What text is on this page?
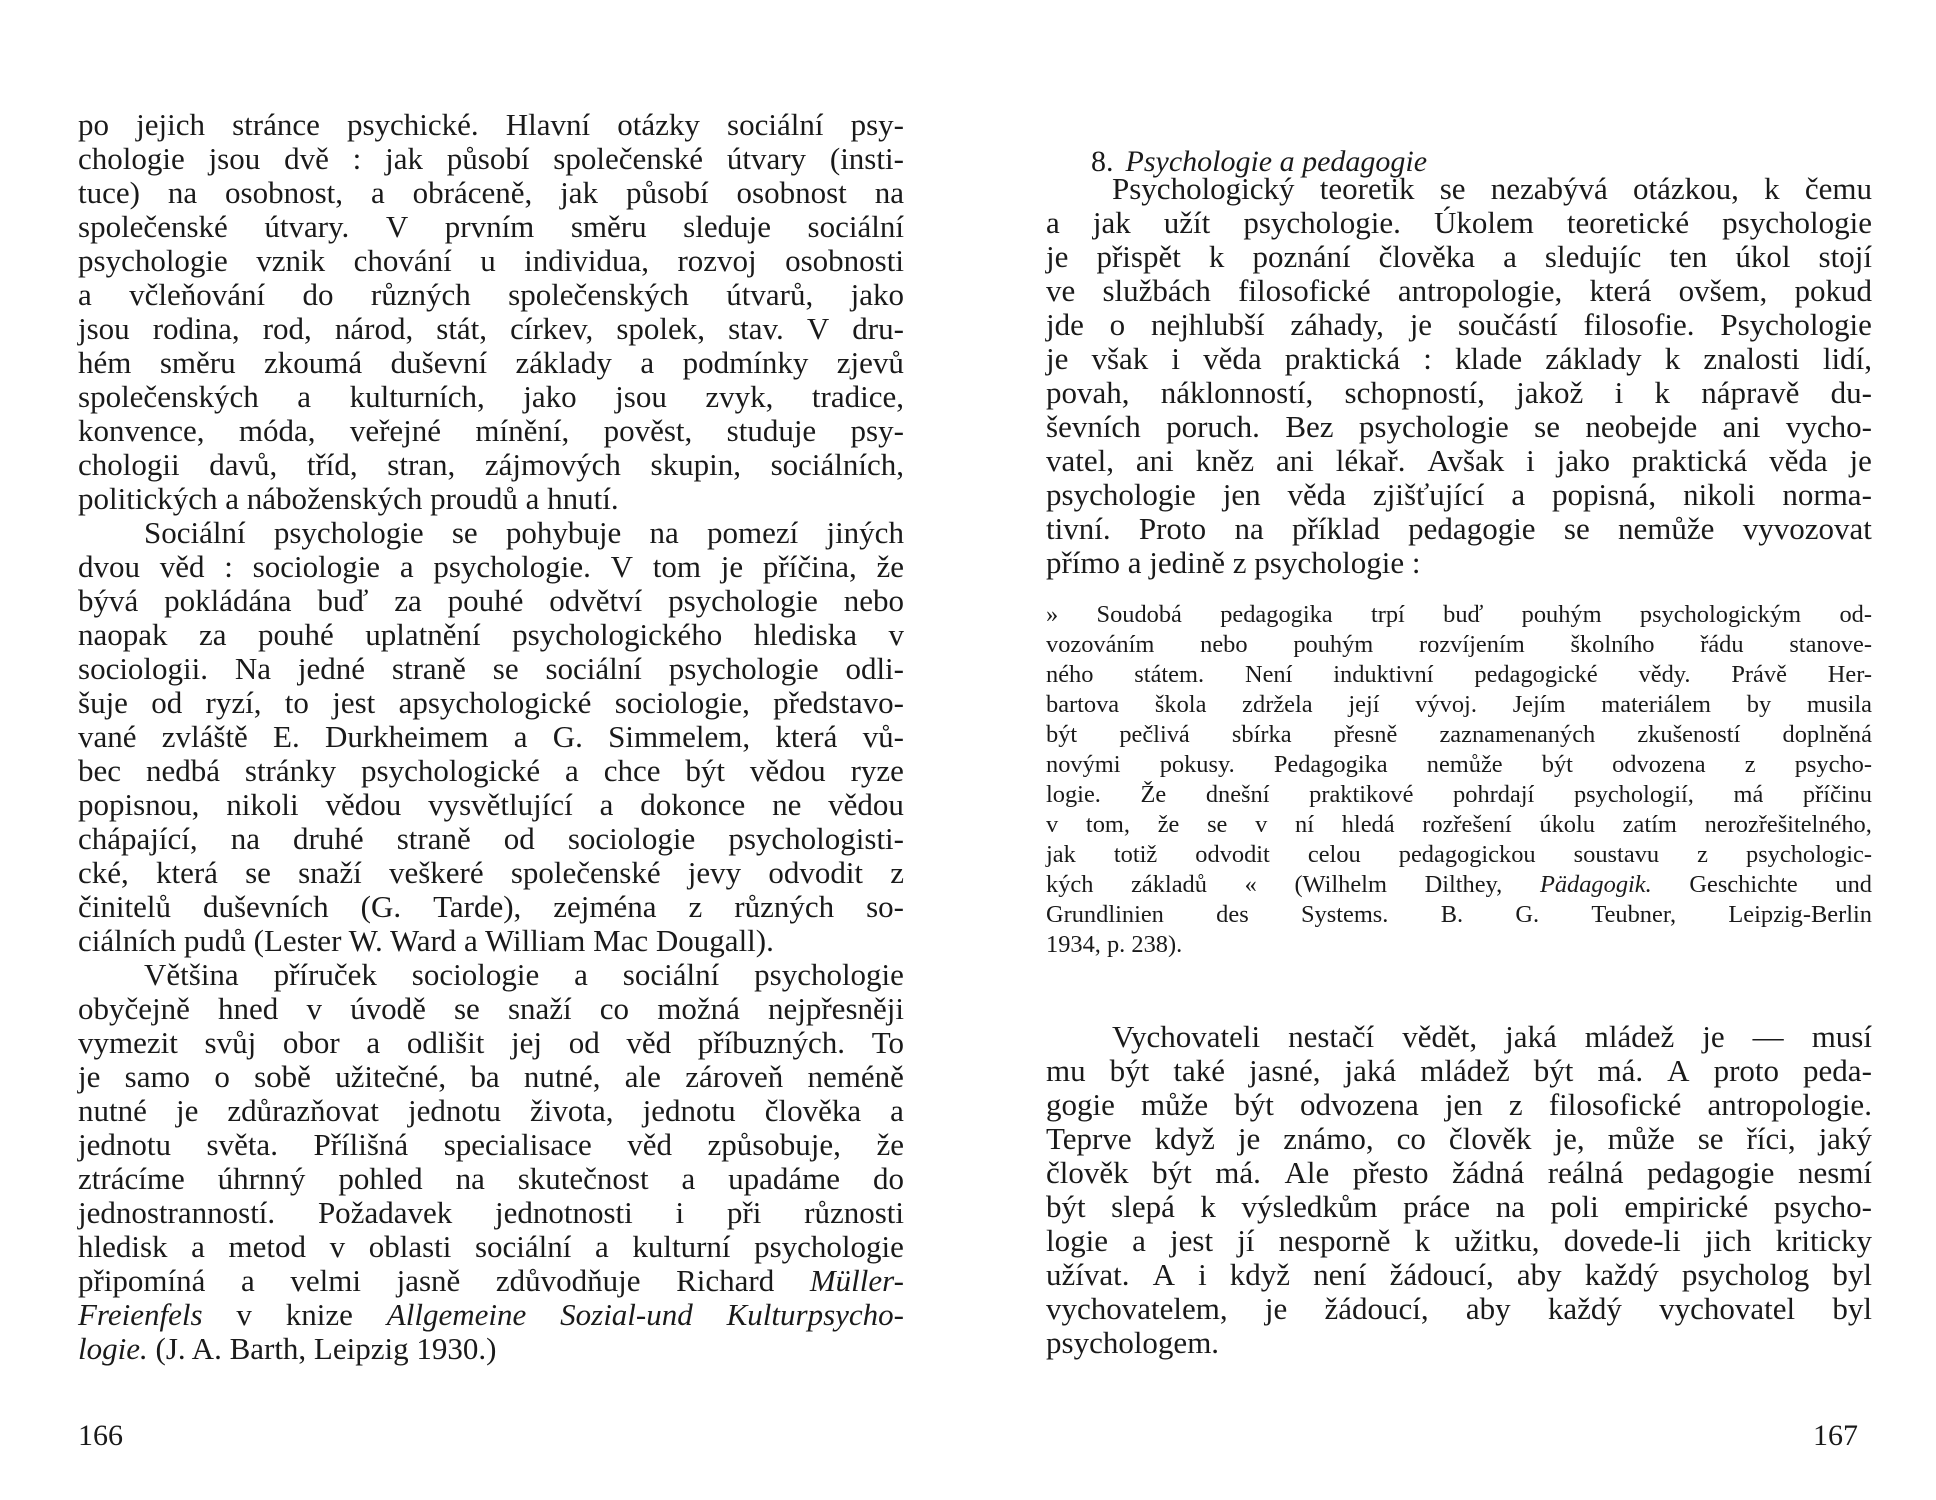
po jejich stránce psychické. Hlavní otázky sociální psy-
chologie jsou dvě : jak působí společenské útvary (insti-
tuce) na osobnost, a obráceně, jak působí osobnost na
společenské útvary. V prvním směru sleduje sociální
psychologie vznik chování u individua, rozvoj osobnosti
a včleňování do různých společenských útvarů, jako
jsou rodina, rod, národ, stát, církev, spolek, stav. V dru-
hém směru zkoumá duševní základy a podmínky zjevů
společenských a kulturních, jako jsou zvyk, tradice,
konvence, móda, veřejné mínění, pověst, studuje psy-
chologii davů, tříd, stran, zájmových skupin, sociálních,
politických a náboženských proudů a hnutí.
Sociální psychologie se pohybuje na pomezí jiných
dvou věd : sociologie a psychologie. V tom je příčina, že
bývá pokládána buď za pouhé odvětví psychologie nebo
naopak za pouhé uplatnění psychologického hlediska v
sociologii. Na jedné straně se sociální psychologie odli-
šuje od ryzí, to jest apsychologické sociologie, představo-
vané zvláště E. Durkheimem a G. Simmelem, která vů-
bec nedbá stránky psychologické a chce být vědou ryze
popisnou, nikoli vědou vysvětlující a dokonce ne vědou
chápající, na druhé straně od sociologie psychologisti-
cké, která se snaží veškeré společenské jevy odvodit z
činitelů duševních (G. Tarde), zejména z různých so-
ciálních pudů (Lester W. Ward a William Mac Dougall).
Většina příruček sociologie a sociální psychologie
obyčejně hned v úvodě se snaží co možná nejpřesněji
vymezit svůj obor a odlišit jej od věd příbuzných. To
je samo o sobě užitečné, ba nutné, ale zároveň neméně
nutné je zdůrazňovat jednotu života, jednotu člověka a
jednotu světa. Přílišná specialisace věd způsobuje, že
ztrácíme úhrnný pohled na skutečnost a upadáme do
jednostranností. Požadavek jednotnosti i při různosti
hledisk a metod v oblasti sociální a kulturní psychologie
připomíná a velmi jasně zdůvodňuje Richard Müller-
Freienfels v knize Allgemeine Sozial-und Kulturpsycho-
logie. (J. A. Barth, Leipzig 1930.)
166

8. Psychologie a pedagogie

Psychologický teoretik se nezabývá otázkou, k čemu
a jak užít psychologie. Úkolem teoretické psychologie
je přispět k poznání člověka a sledujíc ten úkol stojí
ve službách filosofické antropologie, která ovšem, pokud
jde o nejhlubší záhady, je součástí filosofie. Psychologie
je však i věda praktická : klade základy k znalosti lidí,
povah, náklonností, schopností, jakož i k nápravě du-
ševních poruch. Bez psychologie se neobejde ani vycho-
vatel, ani kněz ani lékař. Avšak i jako praktická věda je
psychologie jen věda zjišťující a popisná, nikoli norma-
tivní. Proto na příklad pedagogie se nemůže vyvozovat
přímo a jedině z psychologie :
» Soudobá pedagogika trpí buď pouhým psychologickým od-
vozováním nebo pouhým rozvíjením školního řádu stanove-
ného státem. Není induktivní pedagogické vědy. Právě Her-
bartova škola zdržela její vývoj. Jejím materiálem by musila
být pečlivá sbírka přesně zaznamenaných zkušeností doplněná
novými pokusy. Pedagogika nemůže být odvozena z psycho-
logie. Že dnešní praktikové pohrdají psychologií, má příčinu
v tom, že se v ní hledá rozřešení úkolu zatím nerozřešitelného,
jak totiž odvodit celou pedagogickou soustavu z psychologic-
kých základů « (Wilhelm Dilthey, Pädagogik. Geschichte und
Grundlinien des Systems. B. G. Teubner, Leipzig-Berlin
1934, p. 238).
Vychovateli nestačí vědět, jaká mládež je — musí
mu být také jasné, jaká mládež být má. A proto peda-
gogie může být odvozena jen z filosofické antropologie.
Teprve když je známo, co člověk je, může se říci, jaký
člověk být má. Ale přesto žádná reálná pedagogie nesmí
být slepá k výsledkům práce na poli empirické psycho-
logie a jest jí nesporně k užitku, dovede-li jich kriticky
užívat. A i když není žádoucí, aby každý psycholog byl
vychovatelem, je žádoucí, aby každý vychovatel byl
psychologem.
167
